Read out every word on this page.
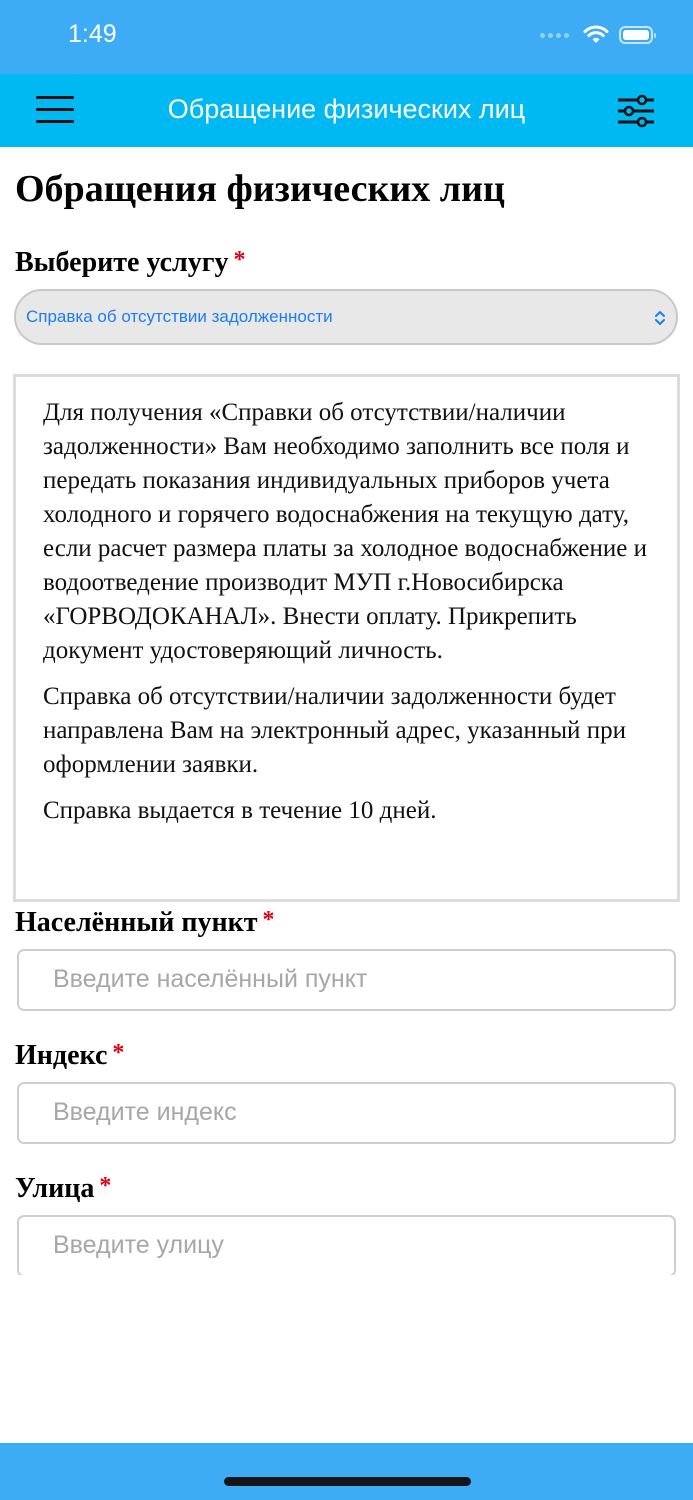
1:49
Обращение физических лиц
Обращения физических лиц
Выберите услугу *
Справка об отсутствии задолженности

Для получения «Справки об отсутствии/наличии задолженности» Вам необходимо заполнить все поля и передать показания индивидуальных приборов учета холодного и горячего водоснабжения на текущую дату, если расчет размера платы за холодное водоснабжение и водоотведение производит МУП г.Новосибирска «ГОРВОДОКАНАЛ». Внести оплату. Прикрепить документ удостоверяющий личность.

Справка об отсутствии/наличии задолженности будет направлена Вам на электронный адрес, указанный при оформлении заявки.

Справка выдается в течение 10 дней.

Населённый пункт *
Введите населённый пункт
Индекс *
Введите индекс
Улица *
Введите улицу
